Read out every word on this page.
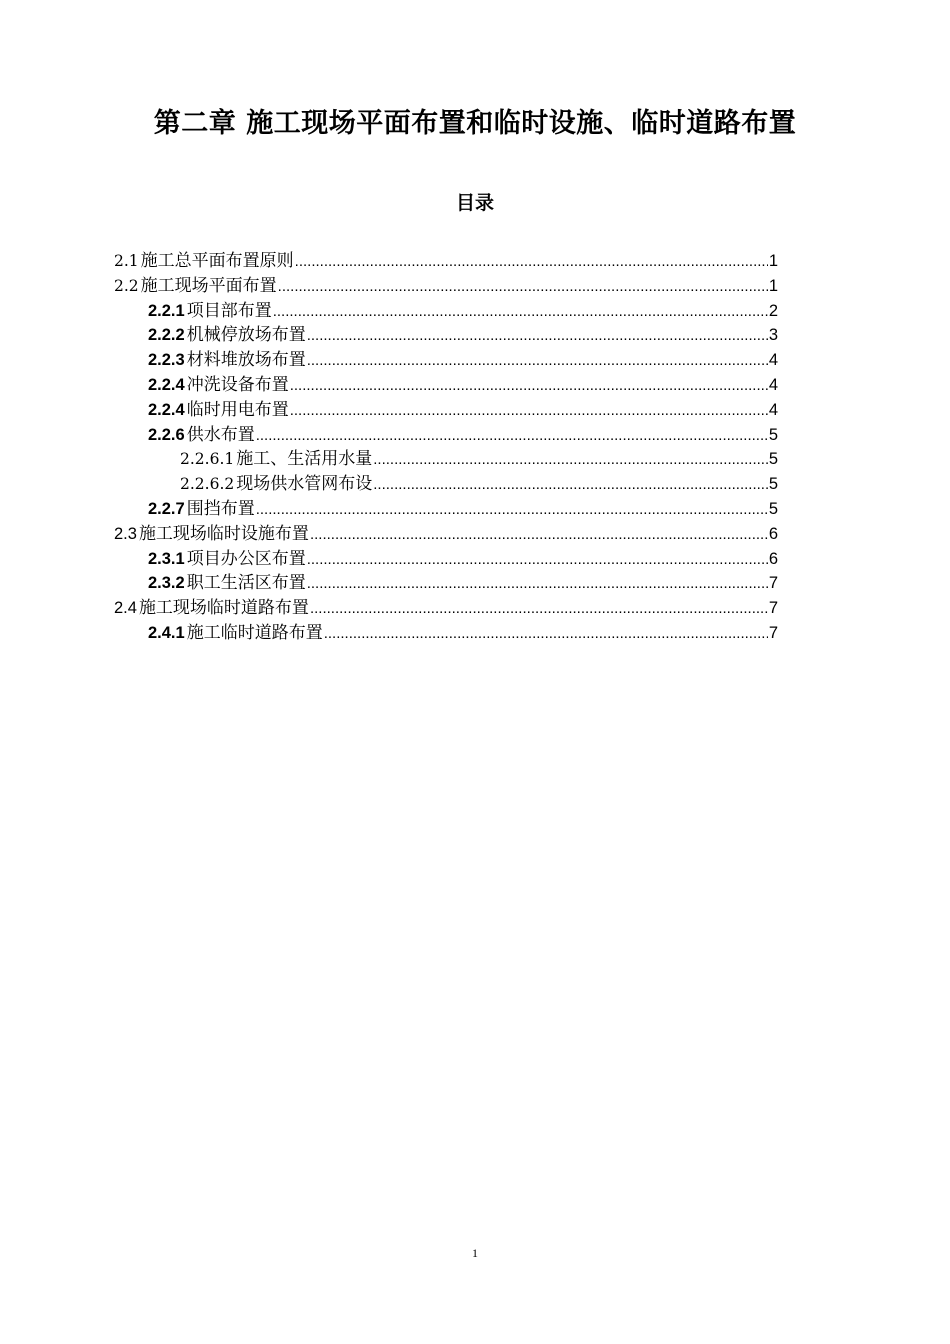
第二章 施工现场平面布置和临时设施、临时道路布置
目录
2.1 施工总平面布置原则 .....	1
2.2 施工现场平面布置 .....	1
2.2.1 项目部布置 .....	2
2.2.2 机械停放场布置 .....	3
2.2.3 材料堆放场布置 .....	4
2.2.4 冲洗设备布置 .....	4
2.2.4 临时用电布置 .....	4
2.2.6 供水布置 .....	5
2.2.6.1 施工、生活用水量 .....	5
2.2.6.2 现场供水管网布设 .....	5
2.2.7 围挡布置 .....	5
2.3 施工现场临时设施布置 .....	6
2.3.1 项目办公区布置 .....	6
2.3.2 职工生活区布置 .....	7
2.4 施工现场临时道路布置 .....	7
2.4.1 施工临时道路布置 .....	7
1
